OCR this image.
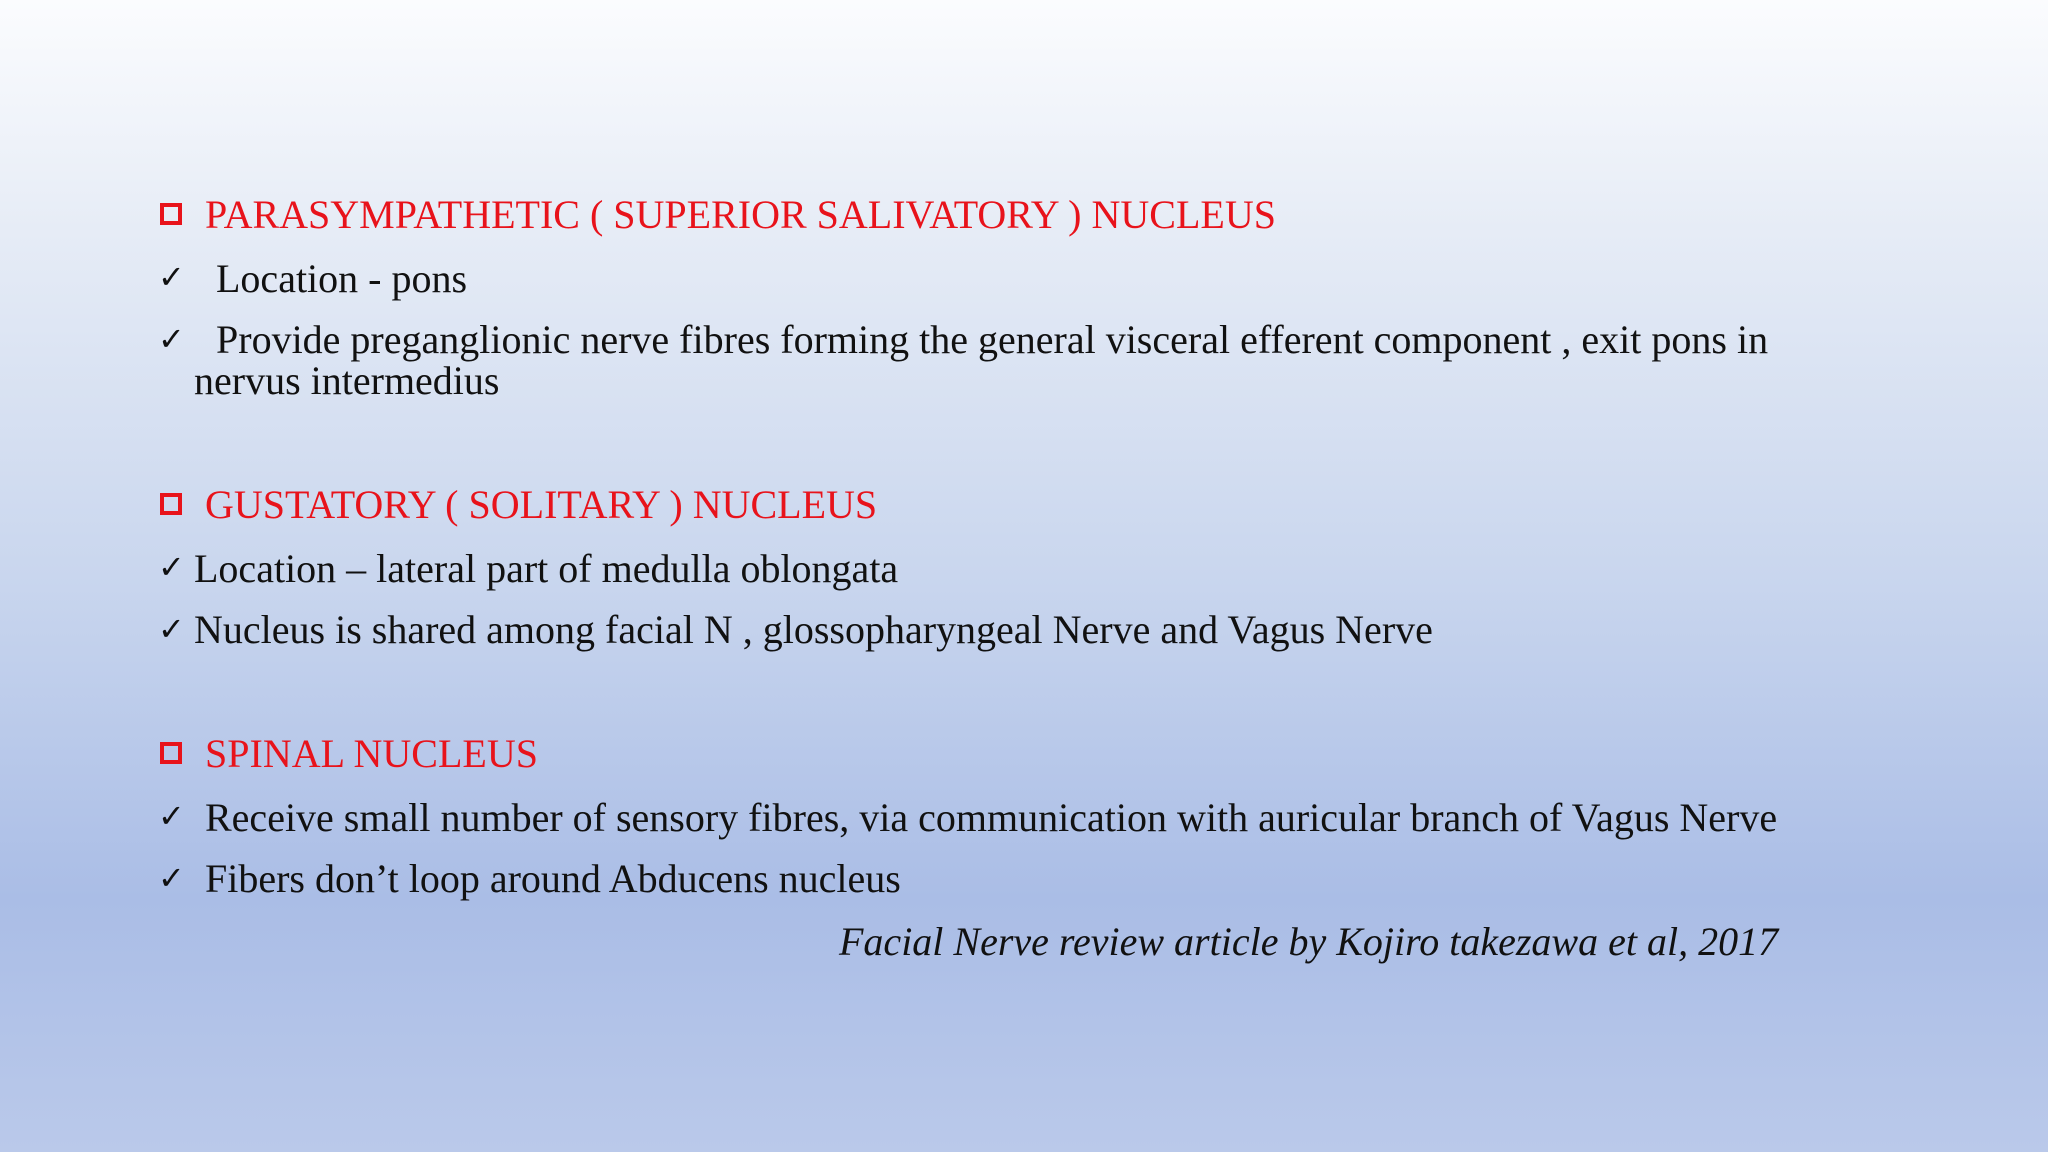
PARASYMPATHETIC ( SUPERIOR SALIVATORY ) NUCLEUS
✓ Location - pons
✓ Provide preganglionic nerve fibres forming the general visceral efferent component , exit pons in
nervus intermedius
GUSTATORY ( SOLITARY ) NUCLEUS
✓ Location – lateral part of medulla oblongata
✓ Nucleus is shared among facial N , glossopharyngeal Nerve and Vagus Nerve
SPINAL NUCLEUS
✓ Receive small number of sensory fibres, via communication with auricular branch of Vagus Nerve
✓ Fibers don’t loop around Abducens nucleus
Facial Nerve review article by Kojiro takezawa et al, 2017
